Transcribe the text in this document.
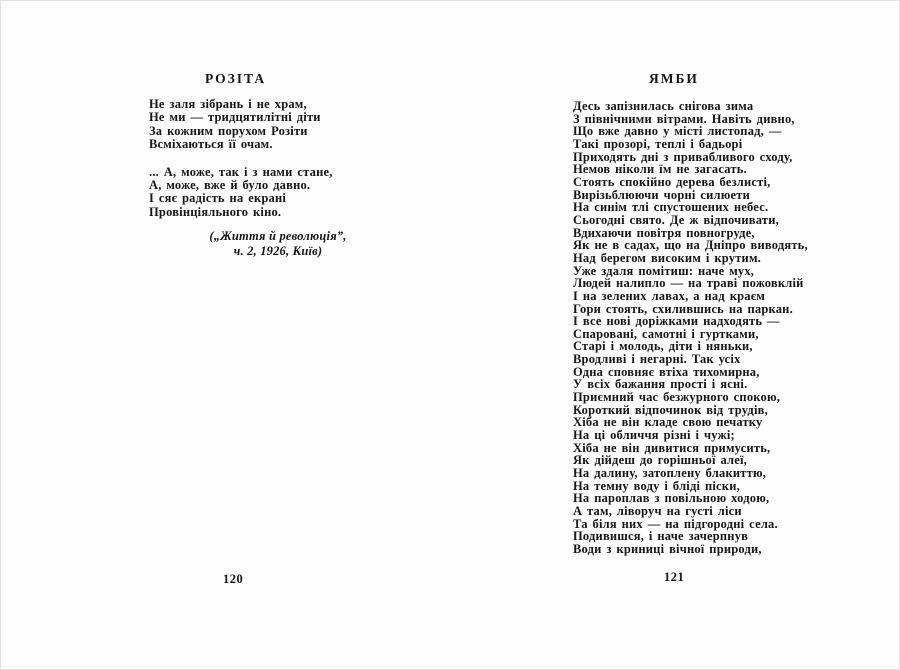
РОЗІТА
Не заля зібрань і не храм,
Не ми — тридцятилітні діти
За кожним порухом Розіти
Всміхаються її очам.
... А, може, так і з нами стане,
А, може, вже й було давно.
І сяє радість на екрані
Провінціяльного кіно.
(„Життя й революція”,
ч. 2, 1926, Київ)
120
ЯМБИ
Десь запізнилась снігова зима
З північними вітрами. Навіть дивно,
Що вже давно у місті листопад, —
Такі прозорі, теплі і бадьорі
Приходять дні з привабливого сходу,
Немов ніколи їм не загасать.
Стоять спокійно дерева безлисті,
Вирізьблюючи чорні силюети
На синім тлі спустошених небес.
Сьогодні свято. Де ж відпочивати,
Вдихаючи повітря повногруде,
Як не в садах, що на Дніпро виводять,
Над берегом високим і крутим.
Уже здаля помітиш: наче мух,
Людей налипло — на траві пожовклій
І на зелених лавах, а над краєм
Гори стоять, схилившись на паркан.
І все нові доріжками надходять —
Спаровані, самотні і гуртками,
Старі і молодь, діти і няньки,
Вродливі і негарні. Так усіх
Одна сповняє втіха тихомирна,
У всіх бажання прості і ясні.
Приємний час безжурного спокою,
Короткий відпочинок від трудів,
Хіба не він кладе свою печатку
На ці обличчя різні і чужі;
Хіба не він дивитися примусить,
Як дійдеш до горішньої алеї,
На далину, затоплену блакиттю,
На темну воду і бліді піски,
На пароплав з повільною ходою,
А там, ліворуч на густі ліси
Та біля них — на підгородні села.
Подивишся, і наче зачерпнув
Води з криниці вічної природи,
121
